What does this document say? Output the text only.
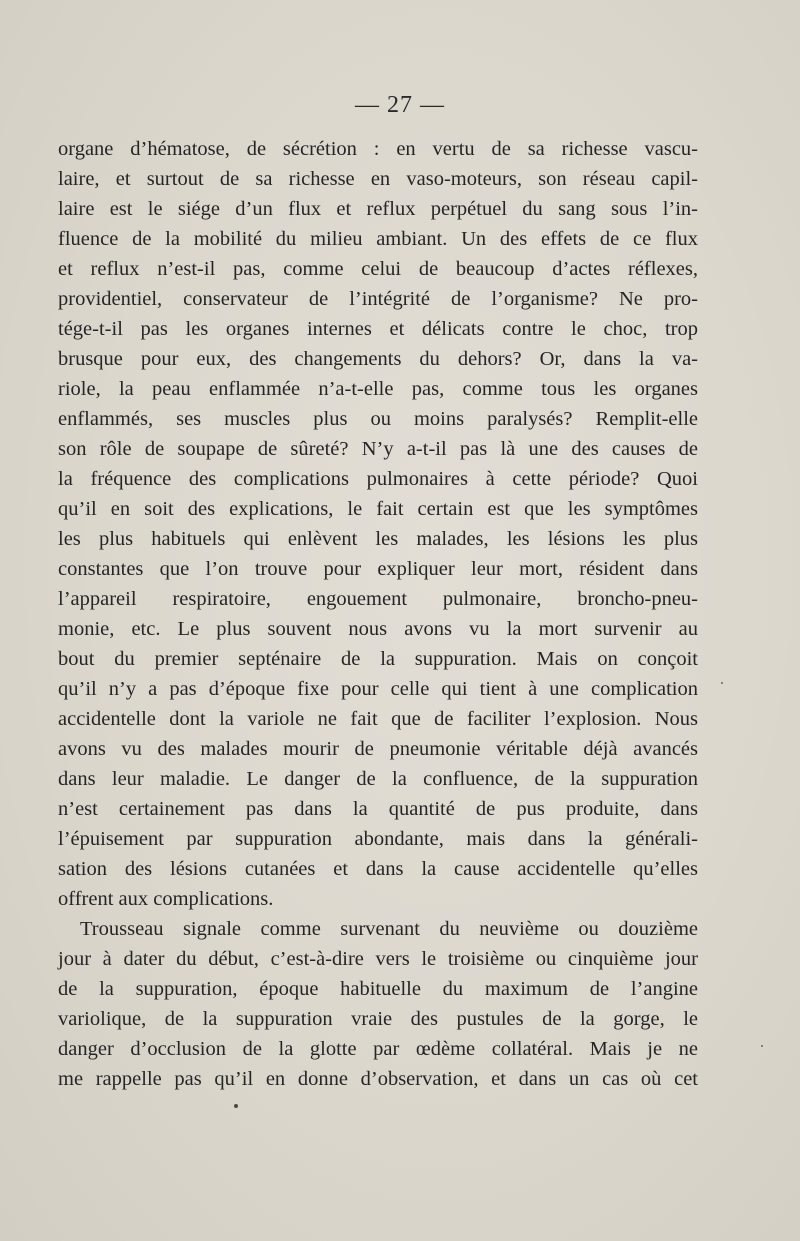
— 27 —
organe d’hématose, de sécrétion : en vertu de sa richesse vascu-
laire, et surtout de sa richesse en vaso-moteurs, son réseau capil-
laire est le siége d’un flux et reflux perpétuel du sang sous l’in-
fluence de la mobilité du milieu ambiant. Un des effets de ce flux
et reflux n’est-il pas, comme celui de beaucoup d’actes réflexes,
providentiel, conservateur de l’intégrité de l’organisme? Ne pro-
tége-t-il pas les organes internes et délicats contre le choc, trop
brusque pour eux, des changements du dehors? Or, dans la va-
riole, la peau enflammée n’a-t-elle pas, comme tous les organes
enflammés, ses muscles plus ou moins paralysés? Remplit-elle
son rôle de soupape de sûreté? N’y a-t-il pas là une des causes de
la fréquence des complications pulmonaires à cette période? Quoi
qu’il en soit des explications, le fait certain est que les symptômes
les plus habituels qui enlèvent les malades, les lésions les plus
constantes que l’on trouve pour expliquer leur mort, résident dans
l’appareil respiratoire, engouement pulmonaire, broncho-pneu-
monie, etc. Le plus souvent nous avons vu la mort survenir au
bout du premier septénaire de la suppuration. Mais on conçoit
qu’il n’y a pas d’époque fixe pour celle qui tient à une complication
accidentelle dont la variole ne fait que de faciliter l’explosion. Nous
avons vu des malades mourir de pneumonie véritable déjà avancés
dans leur maladie. Le danger de la confluence, de la suppuration
n’est certainement pas dans la quantité de pus produite, dans
l’épuisement par suppuration abondante, mais dans la générali-
sation des lésions cutanées et dans la cause accidentelle qu’elles
offrent aux complications.
Trousseau signale comme survenant du neuvième ou douzième
jour à dater du début, c’est-à-dire vers le troisième ou cinquième jour
de la suppuration, époque habituelle du maximum de l’angine
variolique, de la suppuration vraie des pustules de la gorge, le
danger d’occlusion de la glotte par œdème collatéral. Mais je ne
me rappelle pas qu’il en donne d’observation, et dans un cas où cet
